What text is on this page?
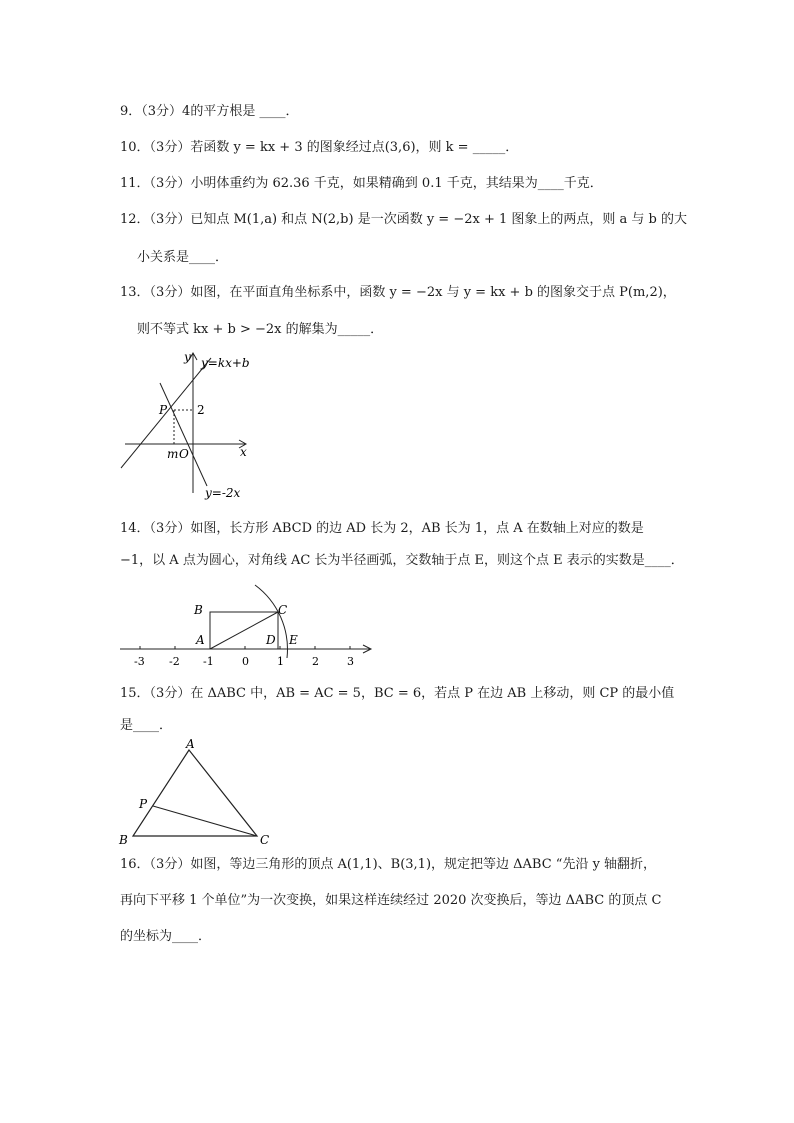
9．（3分）4的平方根是 ____．
10．（3分）若函数 y = kx + 3 的图象经过点(3,6)，则 k = _____．
11．（3分）小明体重约为 62.36 千克，如果精确到 0.1 千克，其结果为____千克．
12．（3分）已知点 M(1,a) 和点 N(2,b) 是一次函数 y = −2x + 1 图象上的两点，则 a 与 b 的大
小关系是____．
13．（3分）如图，在平面直角坐标系中，函数 y = −2x 与 y = kx + b 的图象交于点 P(m,2)，
则不等式 kx + b > −2x 的解集为_____．
y y=kx+b
P 2
m O	x
y=-2x
14．（3分）如图，长方形 ABCD 的边 AD 长为 2，AB 长为 1，点 A 在数轴上对应的数是
−1，以 A 点为圆心，对角线 AC 长为半径画弧，交数轴于点 E，则这个点 E 表示的实数是____．
B	C
A	D E
-3 -2 -1	0	1	2	3
15．（3分）在 ΔABC 中，AB = AC = 5，BC = 6，若点 P 在边 AB 上移动，则 CP 的最小值
是____．
A
P
B	C
16．（3分）如图，等边三角形的顶点 A(1,1)、B(3,1)，规定把等边 ΔABC “先沿 y 轴翻折，
再向下平移 1 个单位”为一次变换，如果这样连续经过 2020 次变换后，等边 ΔABC 的顶点 C
的坐标为____．
